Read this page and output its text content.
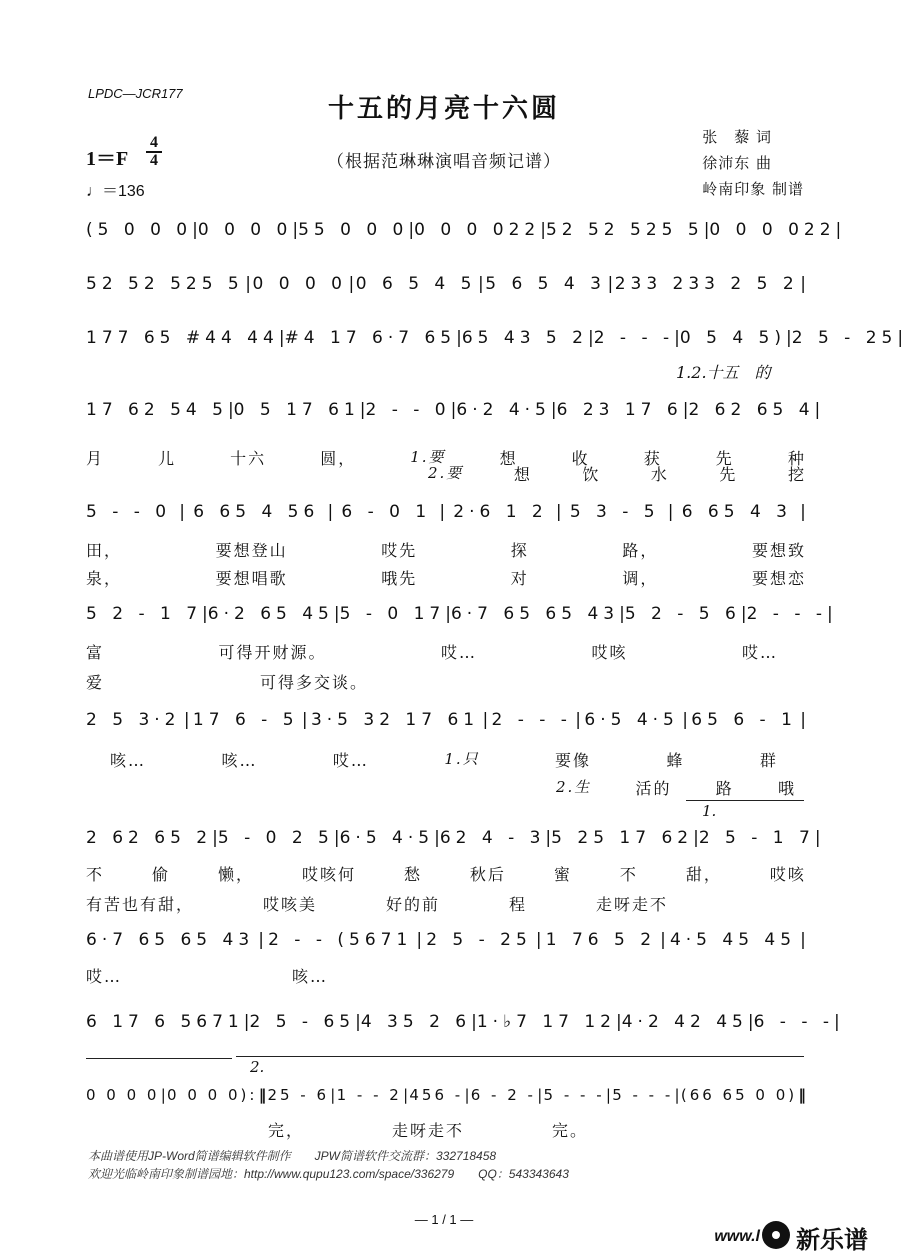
LPDC—JCR177
十五的月亮十六圆
（根据范琳琳演唱音频记谱）
1＝F
4
4
♩＝136
张　藜 词
徐沛东 曲
岭南印象 制谱
(5 0 0 0 | 0 0 0 0 | 55 0 0 0 | 0 0 0 022 | 52 52 525 5 | 0 0 0 022 |
52 52 525 5 | 0 0 0 0 | 0 6 5 4 5 | 5 6 5 4 3 | 233 233 2 5 2 |
177 65 #44 44 | #4 17 6·7 65 | 65 43 5 2 | 2 - - - | 0 5 4 5) | 2 5 - 25 |
1.2.十五　的
17 62 54 5 | 0 5 17 61 | 2 - - 0 | 6·2 4·5 | 6 23 17 6 | 2 62 65 4 |
月	儿	十六	圆，	1.要	想	收	获	先	种
2.要	想	饮	水	先	挖
5 - - 0 | 6 65 4 56 | 6 - 0 1 | 2·6 1 2 | 5 3 - 5 | 6 65 4 3 |
田，	要想登山	哎先	探	路，	要想致
泉，	要想唱歌	哦先	对	调，	要想恋
5 2 - 1 7 | 6·2 65 45 | 5 - 0 17 | 6·7 65 65 43 | 5 2 - 5 6 | 2 - - - |
富	可得开财源。	哎…	哎咳	哎…
爱	可得多交谈。
2 5 3·2 | 17 6 - 5 | 3·5 32 17 61 | 2 - - - | 6·5 4·5 | 65 6 - 1 |
咳…	咳…	哎…	1.只	要像	蜂	群
2.生	活的	路	哦
1.
2 62 65 2 | 5 - 0 2 5 | 6·5 4·5 | 62 4 - 3 | 5 25 17 62 | 2 5 - 1 7 |
不	偷	懒，	哎咳何	愁	秋后	蜜	不	甜，	哎咳
有苦也有甜，	哎咳美	好的前	程	走呀走不
6·7 65 65 43 | 2 - - (5671 | 2 5 - 25 | 1 76 5 2 | 4·5 45 45 |
哎…	咳…
6 17 6 5671 | 2 5 - 65 | 4 35 2 6 | 1·♭7 17 12 | 4·2 42 45 | 6 - - - |
2.
0 0 0 0 | 0 0 0 0): ‖ 25 - 6 | 1 - - 2 | 456 - | 6 - 2 - | 5 - - - | 5 - - - | (66 65 0 0) ‖
完，	走呀走不	完。
本曲谱使用JP-Word简谱编辑软件制作　　JPW简谱软件交流群：332718458
欢迎光临岭南印象制谱园地：http://www.qupu123.com/space/336279　　QQ：543343643
— 1 / 1 —
www.l 新乐谱
